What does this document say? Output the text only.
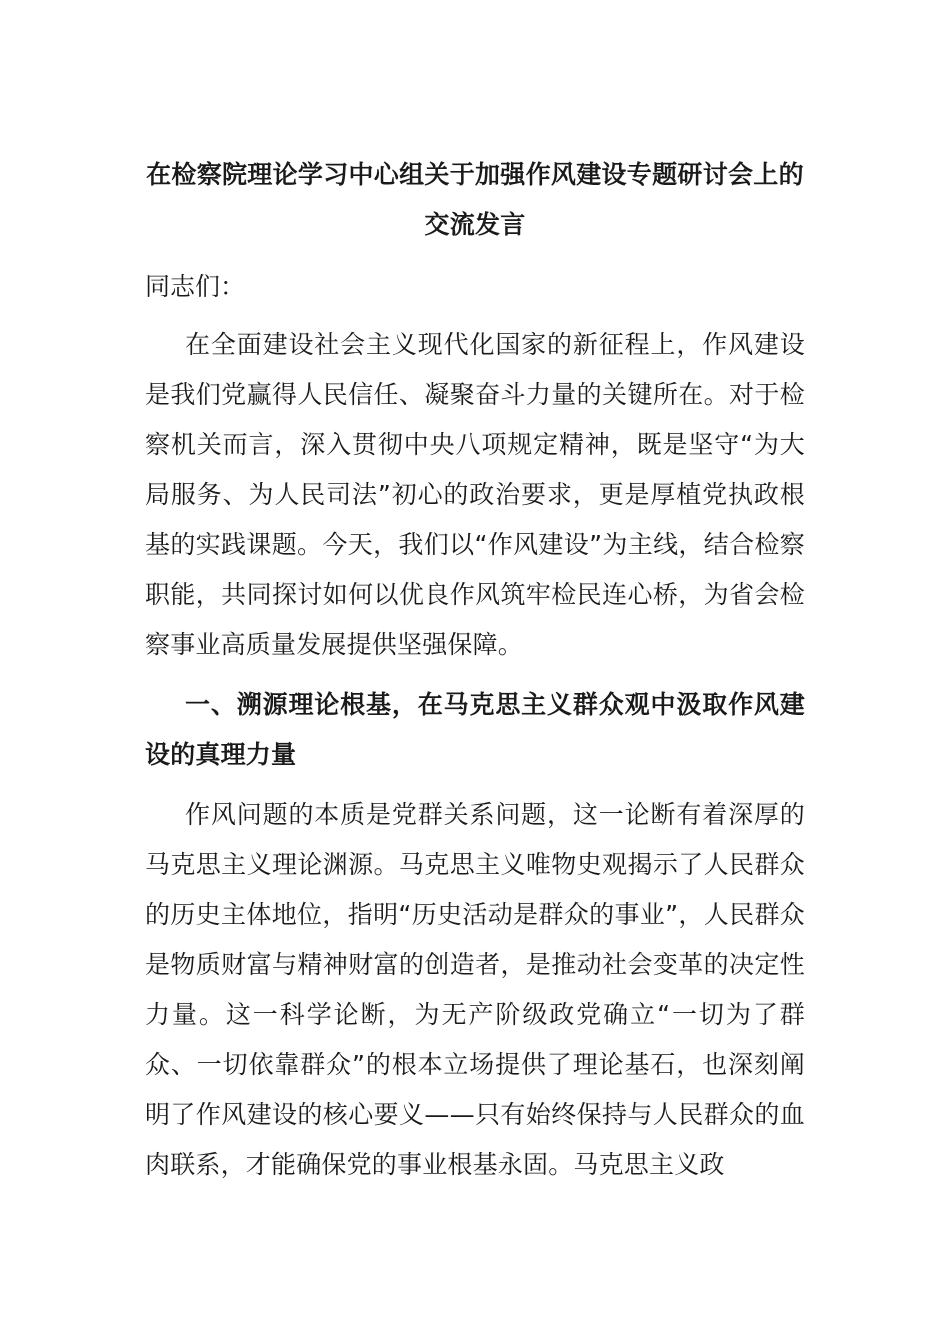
在检察院理论学习中心组关于加强作风建设专题研讨会上的交流发言
同志们：
在全面建设社会主义现代化国家的新征程上，作风建设是我们党赢得人民信任、凝聚奋斗力量的关键所在。对于检察机关而言，深入贯彻中央八项规定精神，既是坚守“为大局服务、为人民司法”初心的政治要求，更是厚植党执政根基的实践课题。今天，我们以“作风建设”为主线，结合检察职能，共同探讨如何以优良作风筑牢检民连心桥，为省会检察事业高质量发展提供坚强保障。
一、溯源理论根基，在马克思主义群众观中汲取作风建设的真理力量
作风问题的本质是党群关系问题，这一论断有着深厚的马克思主义理论渊源。马克思主义唯物史观揭示了人民群众的历史主体地位，指明“历史活动是群众的事业”，人民群众是物质财富与精神财富的创造者，是推动社会变革的决定性力量。这一科学论断，为无产阶级政党确立“一切为了群众、一切依靠群众”的根本立场提供了理论基石，也深刻阐明了作风建设的核心要义——只有始终保持与人民群众的血肉联系，才能确保党的事业根基永固。马克思主义政
